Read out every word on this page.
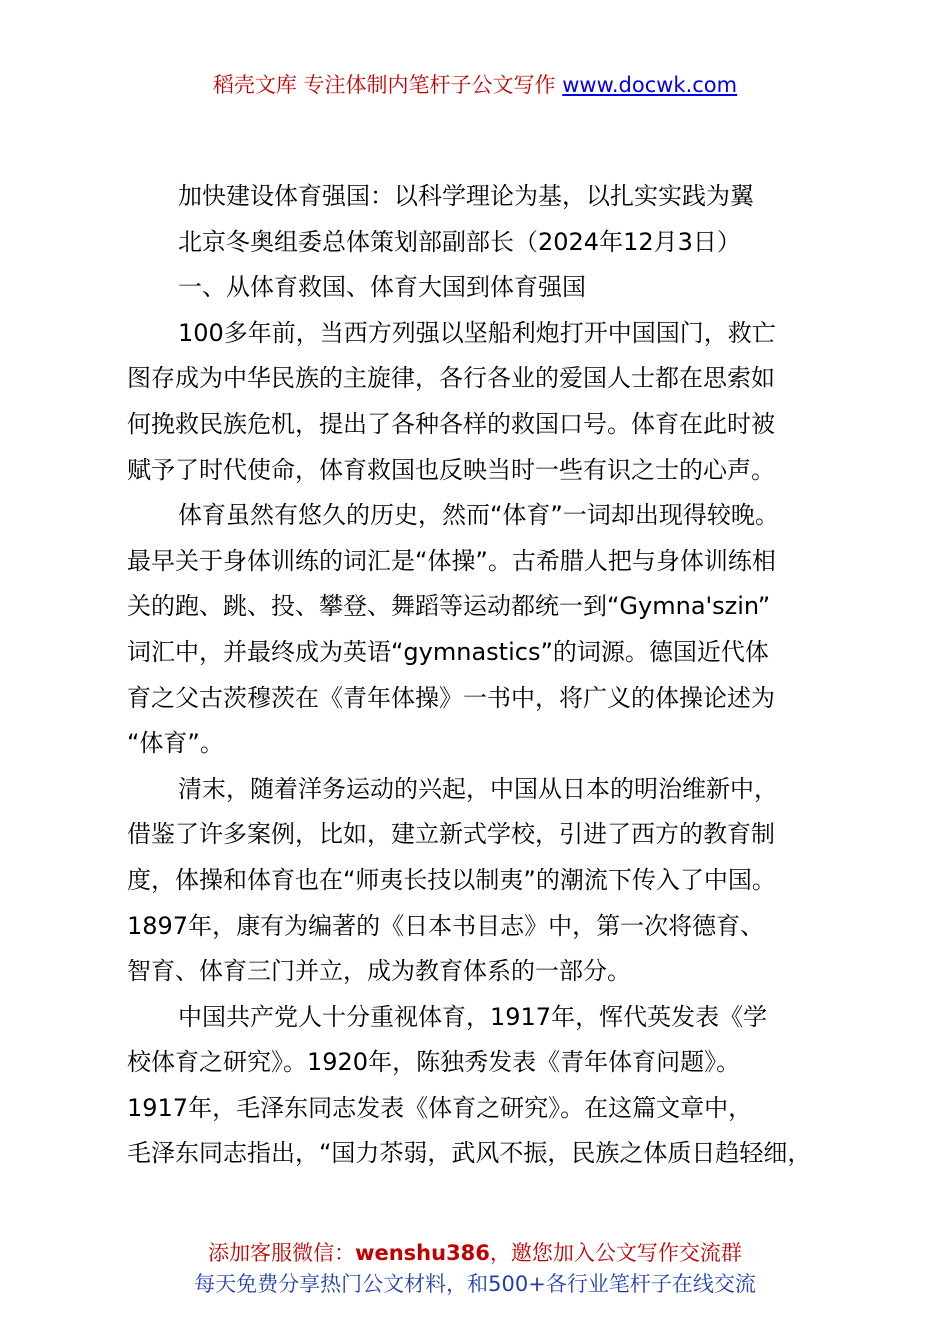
稻壳文库 专注体制内笔杆子公文写作 www.docwk.com
加快建设体育强国：以科学理论为基，以扎实实践为翼
北京冬奥组委总体策划部副部长（2024年12月3日）
一、从体育救国、体育大国到体育强国
100多年前，当西方列强以坚船利炮打开中国国门，救亡
图存成为中华民族的主旋律，各行各业的爱国人士都在思索如
何挽救民族危机，提出了各种各样的救国口号。体育在此时被
赋予了时代使命，体育救国也反映当时一些有识之士的心声。
体育虽然有悠久的历史，然而“体育”一词却出现得较晚。
最早关于身体训练的词汇是“体操”。古希腊人把与身体训练相
关的跑、跳、投、攀登、舞蹈等运动都统一到“Gymna'szin”
词汇中，并最终成为英语“gymnastics”的词源。德国近代体
育之父古茨穆茨在《青年体操》一书中，将广义的体操论述为
“体育”。
清末，随着洋务运动的兴起，中国从日本的明治维新中，
借鉴了许多案例，比如，建立新式学校，引进了西方的教育制
度，体操和体育也在“师夷长技以制夷”的潮流下传入了中国。
1897年，康有为编著的《日本书目志》中，第一次将德育、
智育、体育三门并立，成为教育体系的一部分。
中国共产党人十分重视体育，1917年，恽代英发表《学
校体育之研究》。1920年，陈独秀发表《青年体育问题》。
1917年，毛泽东同志发表《体育之研究》。在这篇文章中，
毛泽东同志指出，“国力苶弱，武风不振，民族之体质日趋轻细，
添加客服微信：wenshu386，邀您加入公文写作交流群
每天免费分享热门公文材料，和500+各行业笔杆子在线交流
